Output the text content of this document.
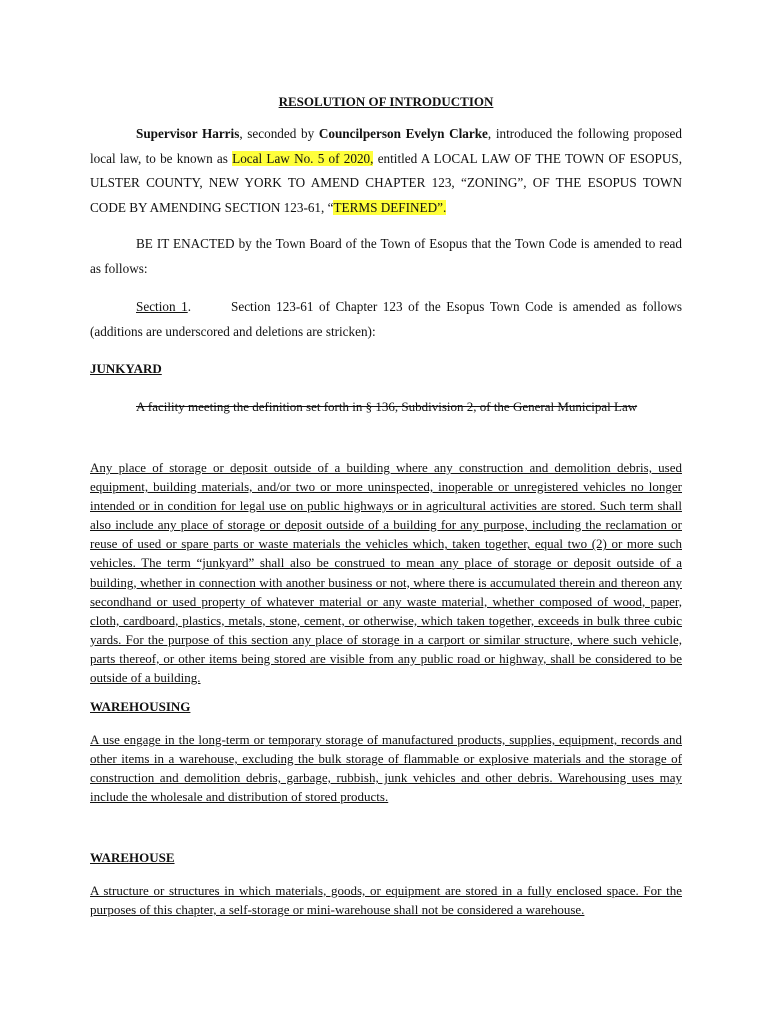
RESOLUTION OF INTRODUCTION
Supervisor Harris, seconded by Councilperson Evelyn Clarke, introduced the following proposed local law, to be known as Local Law No. 5 of 2020, entitled A LOCAL LAW OF THE TOWN OF ESOPUS, ULSTER COUNTY, NEW YORK TO AMEND CHAPTER 123, “ZONING”, OF THE ESOPUS TOWN CODE BY AMENDING SECTION 123-61, “TERMS DEFINED”.
BE IT ENACTED by the Town Board of the Town of Esopus that the Town Code is amended to read as follows:
Section 1.	Section 123-61 of Chapter 123 of the Esopus Town Code is amended as follows (additions are underscored and deletions are stricken):
JUNKYARD
A facility meeting the definition set forth in § 136, Subdivision 2, of the General Municipal Law
Any place of storage or deposit outside of a building where any construction and demolition debris, used equipment, building materials, and/or two or more uninspected, inoperable or unregistered vehicles no longer intended or in condition for legal use on public highways or in agricultural activities are stored. Such term shall also include any place of storage or deposit outside of a building for any purpose, including the reclamation or reuse of used or spare parts or waste materials the vehicles which, taken together, equal two (2) or more such vehicles. The term “junkyard” shall also be construed to mean any place of storage or deposit outside of a building, whether in connection with another business or not, where there is accumulated therein and thereon any secondhand or used property of whatever material or any waste material, whether composed of wood, paper, cloth, cardboard, plastics, metals, stone, cement, or otherwise, which taken together, exceeds in bulk three cubic yards. For the purpose of this section any place of storage in a carport or similar structure, where such vehicle, parts thereof, or other items being stored are visible from any public road or highway, shall be considered to be outside of a building.
WAREHOUSING
A use engage in the long-term or temporary storage of manufactured products, supplies, equipment, records and other items in a warehouse, excluding the bulk storage of flammable or explosive materials and the storage of construction and demolition debris, garbage, rubbish, junk vehicles and other debris. Warehousing uses may include the wholesale and distribution of stored products.
WAREHOUSE
A structure or structures in which materials, goods, or equipment are stored in a fully enclosed space. For the purposes of this chapter, a self-storage or mini-warehouse shall not be considered a warehouse.
